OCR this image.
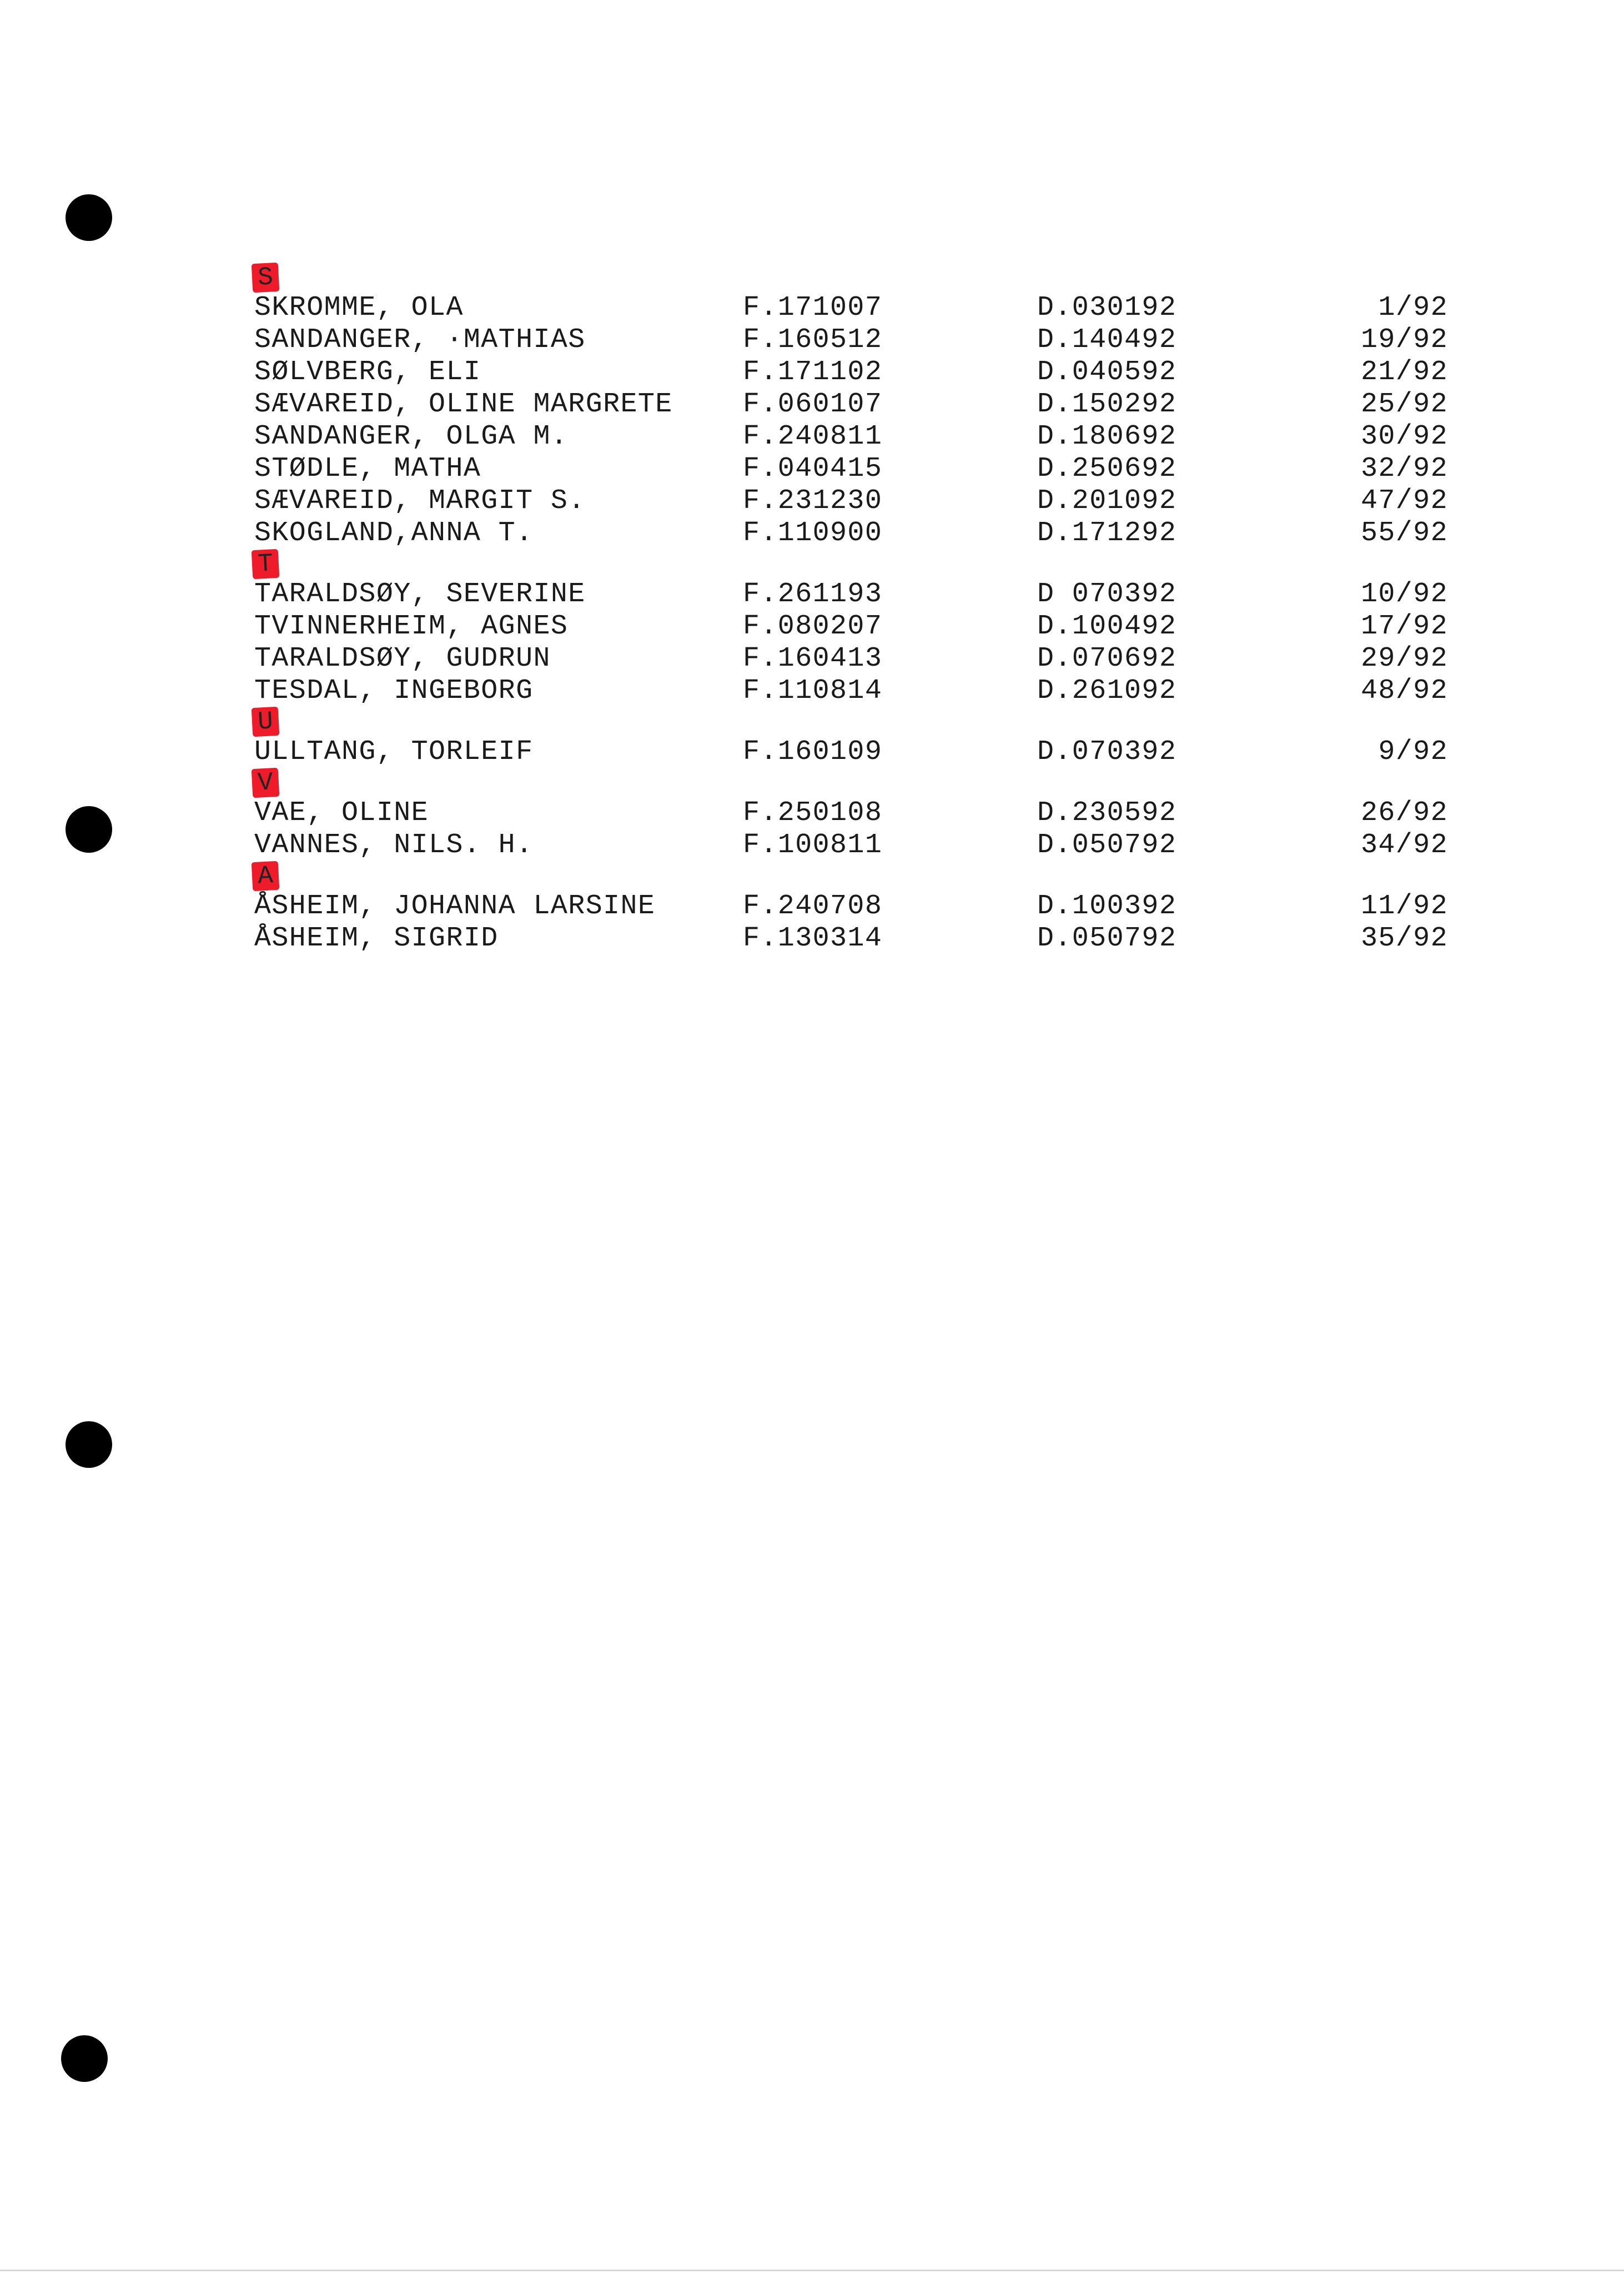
S
SKROMME, OLA	F.171007	D.030192	1/92
SANDANGER, ·MATHIAS	F.160512	D.140492	19/92
SØLVBERG, ELI	F.171102	D.040592	21/92
SÆVAREID, OLINE MARGRETE	F.060107	D.150292	25/92
SANDANGER, OLGA M.	F.240811	D.180692	30/92
STØDLE, MATHA	F.040415	D.250692	32/92
SÆVAREID, MARGIT S.	F.231230	D.201092	47/92
SKOGLAND,ANNA T.	F.110900	D.171292	55/92
T
TARALDSØY, SEVERINE	F.261193	D 070392	10/92
TVINNERHEIM, AGNES	F.080207	D.100492	17/92
TARALDSØY, GUDRUN	F.160413	D.070692	29/92
TESDAL, INGEBORG	F.110814	D.261092	48/92
U
ULLTANG, TORLEIF	F.160109	D.070392	9/92
V
VAE, OLINE	F.250108	D.230592	26/92
VANNES, NILS. H.	F.100811	D.050792	34/92
A
ÅSHEIM, JOHANNA LARSINE	F.240708	D.100392	11/92
ÅSHEIM, SIGRID	F.130314	D.050792	35/92
